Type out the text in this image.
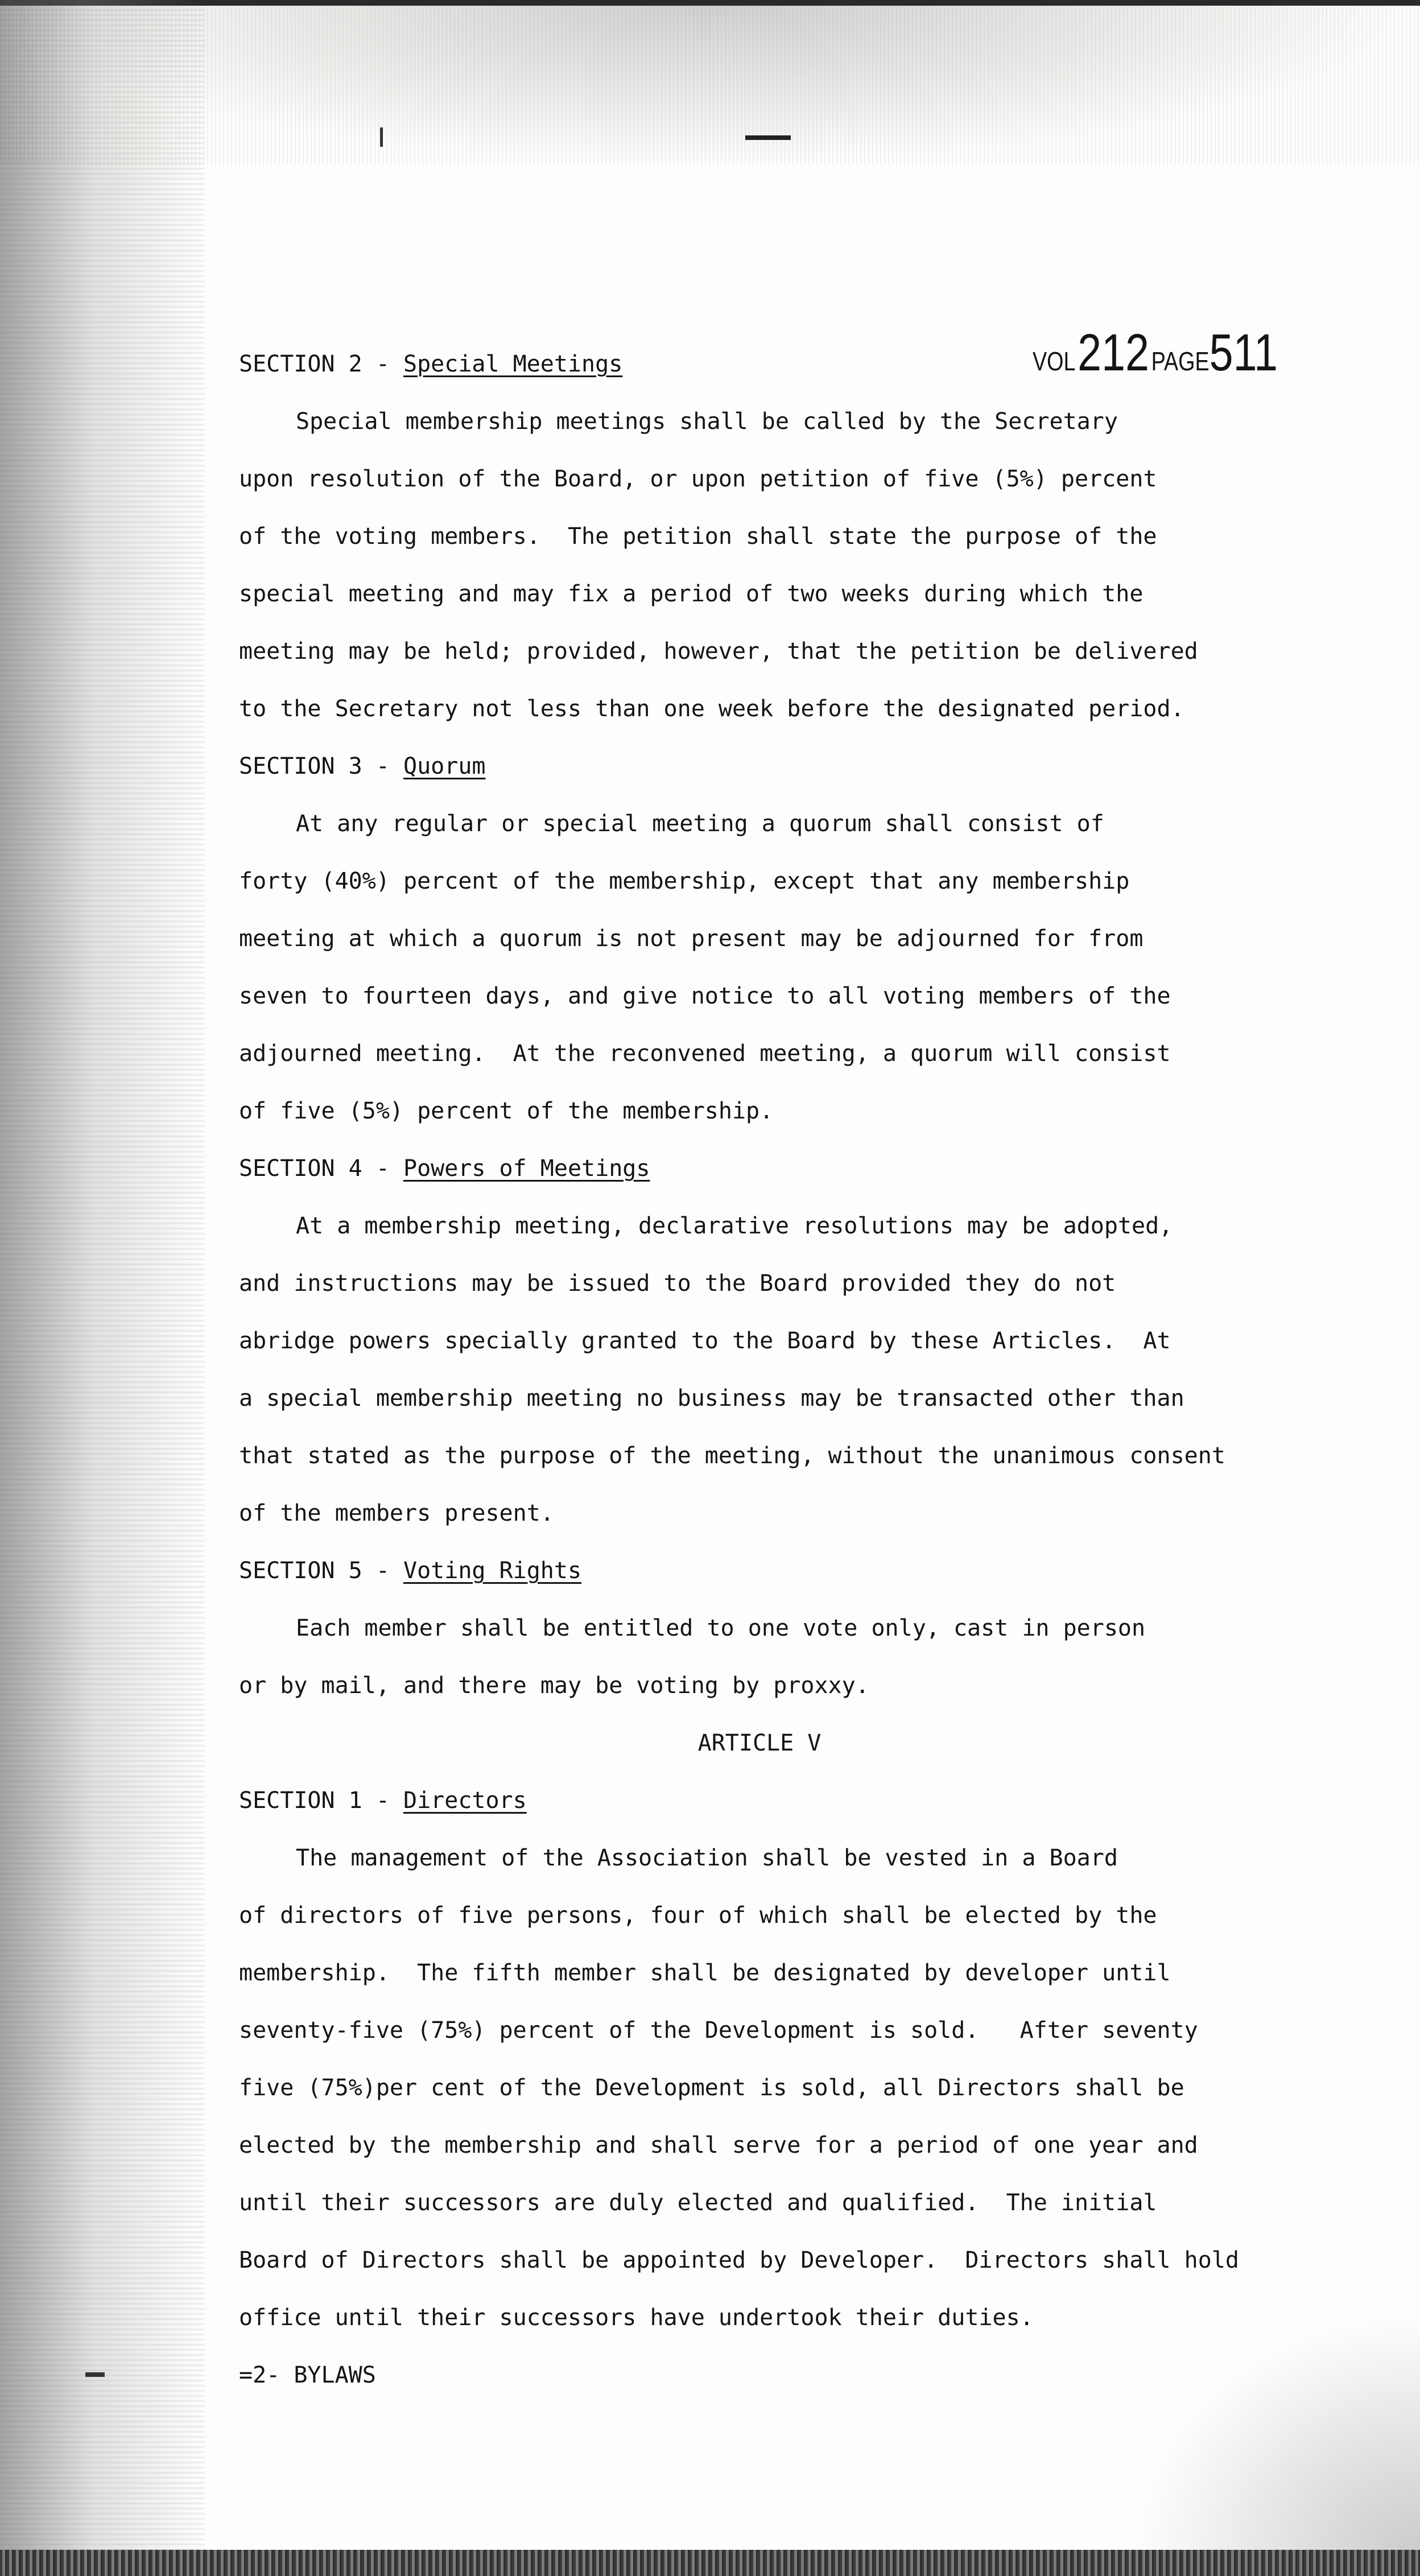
VOL 212 PAGE511
SECTION 2 - Special Meetings
Special membership meetings shall be called by the Secretary
upon resolution of the Board, or upon petition of five (5%) percent
of the voting members.  The petition shall state the purpose of the
special meeting and may fix a period of two weeks during which the
meeting may be held; provided, however, that the petition be delivered
to the Secretary not less than one week before the designated period.
SECTION 3 - Quorum
At any regular or special meeting a quorum shall consist of
forty (40%) percent of the membership, except that any membership
meeting at which a quorum is not present may be adjourned for from
seven to fourteen days, and give notice to all voting members of the
adjourned meeting.  At the reconvened meeting, a quorum will consist
of five (5%) percent of the membership.
SECTION 4 - Powers of Meetings
At a membership meeting, declarative resolutions may be adopted,
and instructions may be issued to the Board provided they do not
abridge powers specially granted to the Board by these Articles.  At
a special membership meeting no business may be transacted other than
that stated as the purpose of the meeting, without the unanimous consent
of the members present.
SECTION 5 - Voting Rights
Each member shall be entitled to one vote only, cast in person
or by mail, and there may be voting by proxxy.
ARTICLE V
SECTION 1 - Directors
The management of the Association shall be vested in a Board
of directors of five persons, four of which shall be elected by the
membership.  The fifth member shall be designated by developer until
seventy-five (75%) percent of the Development is sold.   After seventy
five (75%)per cent of the Development is sold, all Directors shall be
elected by the membership and shall serve for a period of one year and
until their successors are duly elected and qualified.  The initial
Board of Directors shall be appointed by Developer.  Directors shall hold
office until their successors have undertook their duties.
=2- BYLAWS
